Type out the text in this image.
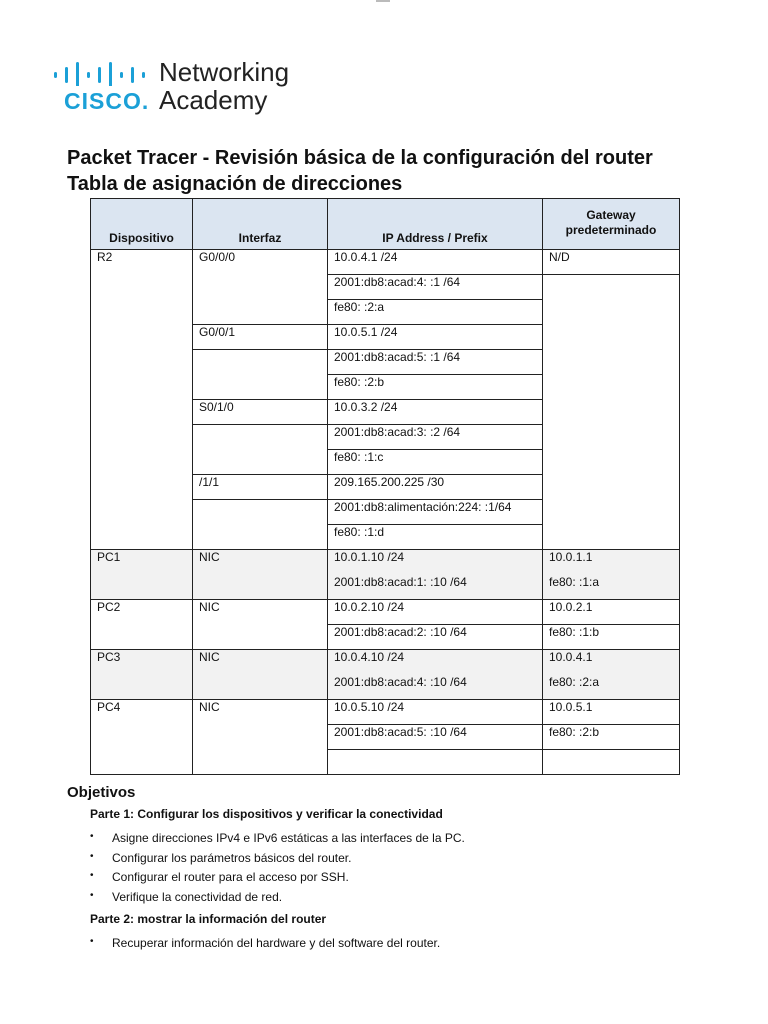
CISCO.
Networking
Academy
Packet Tracer - Revisión básica de la configuración del router
Tabla de asignación de direcciones
Dispositivo	Interfaz	IP Address / Prefix	Gateway predeterminado
R2	G0/0/0	10.0.4.1 /24	N/D
		2001:db8:acad:4: :1 /64	
		fe80: :2:a	
	G0/0/1	10.0.5.1 /24	
		2001:db8:acad:5: :1 /64	
		fe80: :2:b	
	S0/1/0	10.0.3.2 /24	
		2001:db8:acad:3: :2 /64	
		fe80: :1:c	
	/1/1	209.165.200.225 /30	
		2001:db8:alimentación:224: :1/64	
		fe80: :1:d	
PC1	NIC	10.0.1.10 /24	10.0.1.1
		2001:db8:acad:1: :10 /64	fe80: :1:a
PC2	NIC	10.0.2.10 /24	10.0.2.1
		2001:db8:acad:2: :10 /64	fe80: :1:b
PC3	NIC	10.0.4.10 /24	10.0.4.1
		2001:db8:acad:4: :10 /64	fe80: :2:a
PC4	NIC	10.0.5.10 /24	10.0.5.1
		2001:db8:acad:5: :10 /64	fe80: :2:b

Objetivos
Parte 1: Configurar los dispositivos y verificar la conectividad
• Asigne direcciones IPv4 e IPv6 estáticas a las interfaces de la PC.
• Configurar los parámetros básicos del router.
• Configurar el router para el acceso por SSH.
• Verifique la conectividad de red.
Parte 2: mostrar la información del router
• Recuperar información del hardware y del software del router.
